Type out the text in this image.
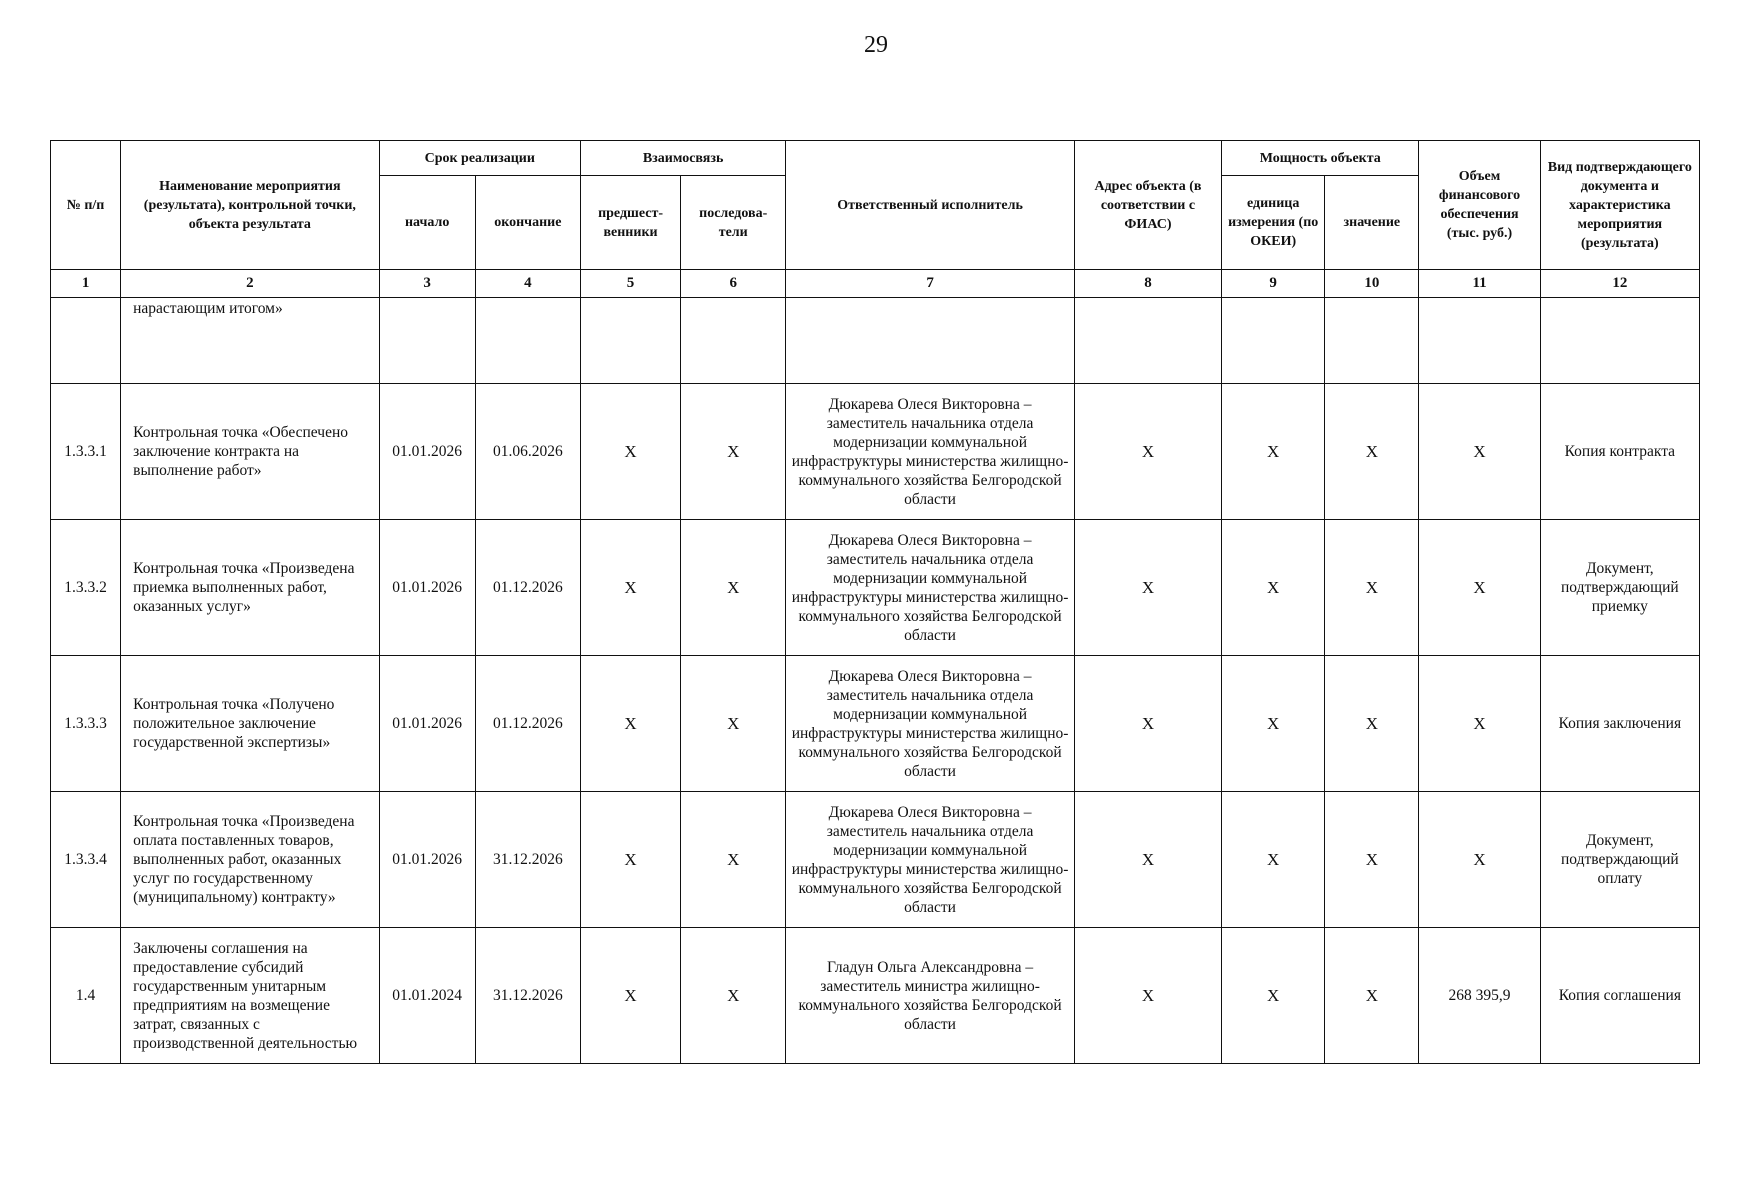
29
№ п/п	Наименование мероприятия (результата), контрольной точки, объекта результата	Срок реализации		Взаимосвязь		Ответственный исполнитель	Адрес объекта (в соответствии с ФИАС)	Мощность объекта		Объем финансового обеспечения (тыс. руб.)	Вид подтверждающего документа и характеристика мероприятия (результата)
		начало	окончание	предшест-венники	последова-тели			единица измерения (по ОКЕИ)	значение		
1	2	3	4	5	6	7	8	9	10	11	12
	нарастающим итогом»										
1.3.3.1	Контрольная точка «Обеспечено заключение контракта на выполнение работ»	01.01.2026	01.06.2026	X	X	Дюкарева Олеся Викторовна – заместитель начальника отдела модернизации коммунальной инфраструктуры министерства жилищно-коммунального хозяйства Белгородской области	X	X	X	X	Копия контракта
1.3.3.2	Контрольная точка «Произведена приемка выполненных работ, оказанных услуг»	01.01.2026	01.12.2026	X	X	Дюкарева Олеся Викторовна – заместитель начальника отдела модернизации коммунальной инфраструктуры министерства жилищно-коммунального хозяйства Белгородской области	X	X	X	X	Документ, подтверждающий приемку
1.3.3.3	Контрольная точка «Получено положительное заключение государственной экспертизы»	01.01.2026	01.12.2026	X	X	Дюкарева Олеся Викторовна – заместитель начальника отдела модернизации коммунальной инфраструктуры министерства жилищно-коммунального хозяйства Белгородской области	X	X	X	X	Копия заключения
1.3.3.4	Контрольная точка «Произведена оплата поставленных товаров, выполненных работ, оказанных услуг по государственному (муниципальному) контракту»	01.01.2026	31.12.2026	X	X	Дюкарева Олеся Викторовна – заместитель начальника отдела модернизации коммунальной инфраструктуры министерства жилищно-коммунального хозяйства Белгородской области	X	X	X	X	Документ, подтверждающий оплату
1.4	Заключены соглашения на предоставление субсидий государственным унитарным предприятиям на возмещение затрат, связанных с производственной деятельностью	01.01.2024	31.12.2026	X	X	Гладун Ольга Александровна – заместитель министра жилищно-коммунального хозяйства Белгородской области	X	X	X	268 395,9	Копия соглашения
